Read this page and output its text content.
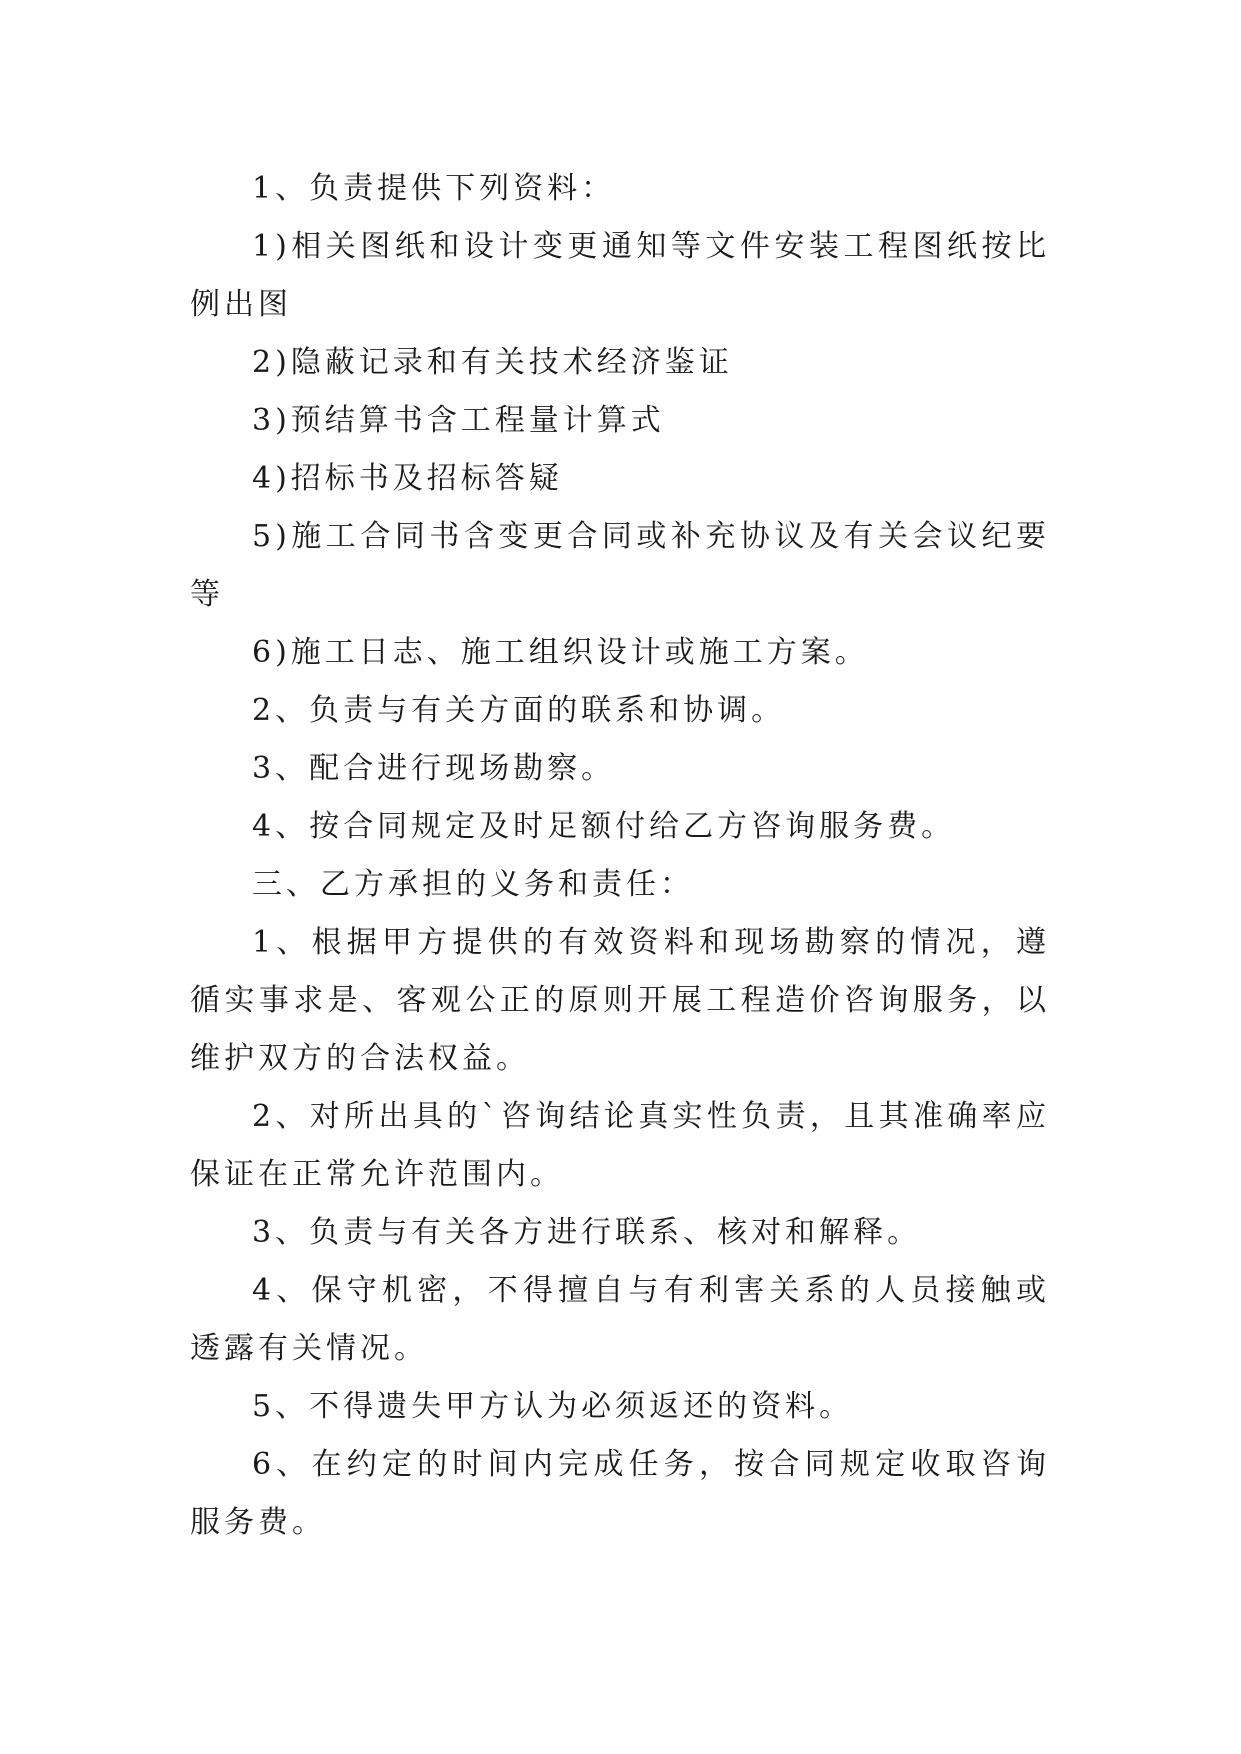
1、负责提供下列资料：

1)相关图纸和设计变更通知等文件安装工程图纸按比例出图

2)隐蔽记录和有关技术经济鉴证

3)预结算书含工程量计算式

4)招标书及招标答疑

5)施工合同书含变更合同或补充协议及有关会议纪要等

6)施工日志、施工组织设计或施工方案。

2、负责与有关方面的联系和协调。

3、配合进行现场勘察。

4、按合同规定及时足额付给乙方咨询服务费。

三、乙方承担的义务和责任：

1、根据甲方提供的有效资料和现场勘察的情况，遵循实事求是、客观公正的原则开展工程造价咨询服务，以维护双方的合法权益。

2、对所出具的`咨询结论真实性负责，且其准确率应保证在正常允许范围内。

3、负责与有关各方进行联系、核对和解释。

4、保守机密，不得擅自与有利害关系的人员接触或透露有关情况。

5、不得遗失甲方认为必须返还的资料。

6、在约定的时间内完成任务，按合同规定收取咨询服务费。
